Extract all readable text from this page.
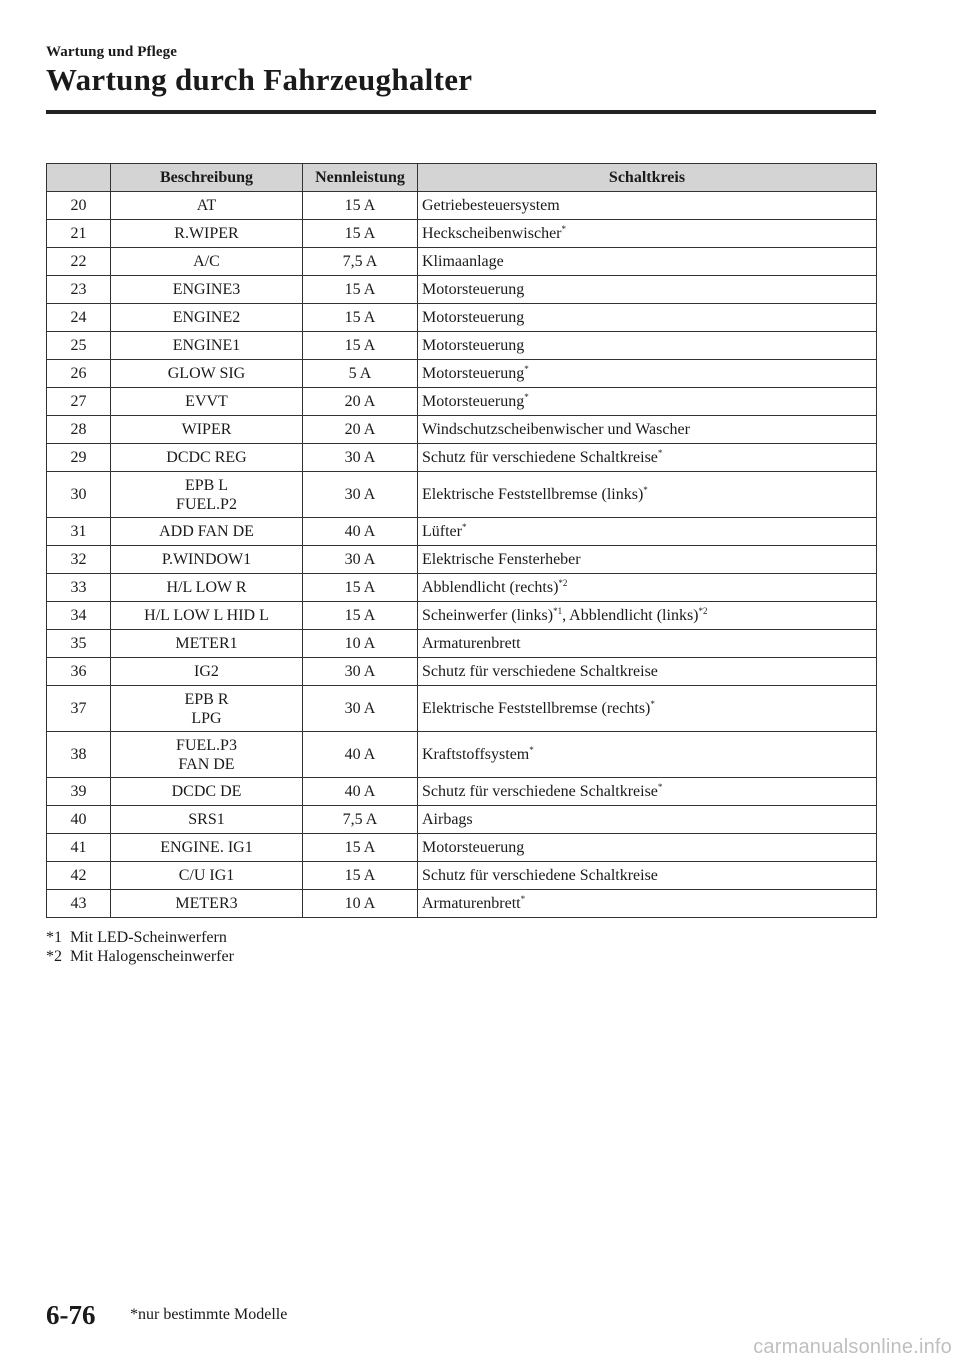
Wartung und Pflege
Wartung durch Fahrzeughalter
	Beschreibung	Nennleistung	Schaltkreis
20	AT	15 A	Getriebesteuersystem
21	R.WIPER	15 A	Heckscheibenwischer*
22	A/C	7,5 A	Klimaanlage
23	ENGINE3	15 A	Motorsteuerung
24	ENGINE2	15 A	Motorsteuerung
25	ENGINE1	15 A	Motorsteuerung
26	GLOW SIG	5 A	Motorsteuerung*
27	EVVT	20 A	Motorsteuerung*
28	WIPER	20 A	Windschutzscheibenwischer und Wascher
29	DCDC REG	30 A	Schutz für verschiedene Schaltkreise*
30	EPB L
FUEL.P2	30 A	Elektrische Feststellbremse (links)*
31	ADD FAN DE	40 A	Lüfter*
32	P.WINDOW1	30 A	Elektrische Fensterheber
33	H/L LOW R	15 A	Abblendlicht (rechts)$^{*2}$
34	H/L LOW L HID L	15 A	Scheinwerfer (links)$^{*1}$, Abblendlicht (links)$^{*2}$
35	METER1	10 A	Armaturenbrett
36	IG2	30 A	Schutz für verschiedene Schaltkreise
37	EPB R
LPG	30 A	Elektrische Feststellbremse (rechts)*
38	FUEL.P3
FAN DE	40 A	Kraftstoffsystem*
39	DCDC DE	40 A	Schutz für verschiedene Schaltkreise*
40	SRS1	7,5 A	Airbags
41	ENGINE. IG1	15 A	Motorsteuerung
42	C/U IG1	15 A	Schutz für verschiedene Schaltkreise
43	METER3	10 A	Armaturenbrett*
*1  Mit LED-Scheinwerfern
*2  Mit Halogenscheinwerfer
6-76 *nur bestimmte Modelle
carmanualsonline.info
